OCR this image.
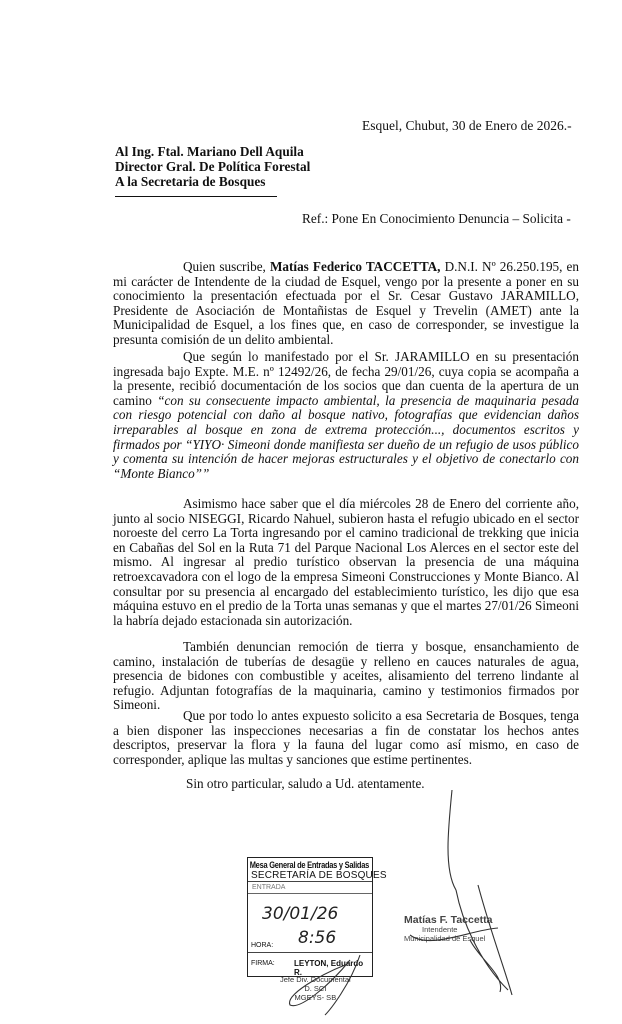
Esquel, Chubut, 30 de Enero de 2026.-
Al Ing. Ftal. Mariano Dell Aquila
Director Gral. De Política Forestal
A la Secretaria de Bosques
Ref.: Pone En Conocimiento Denuncia – Solicita -
Quien suscribe, Matías Federico TACCETTA, D.N.I. Nº 26.250.195, en mi carácter de Intendente de la ciudad de Esquel, vengo por la presente a poner en su conocimiento la presentación efectuada por el Sr. Cesar Gustavo JARAMILLO, Presidente de Asociación de Montañistas de Esquel y Trevelin (AMET) ante la Municipalidad de Esquel, a los fines que, en caso de corresponder, se investigue la presunta comisión de un delito ambiental.
Que según lo manifestado por el Sr. JARAMILLO en su presentación ingresada bajo Expte. M.E. nº 12492/26, de fecha 29/01/26, cuya copia se acompaña a la presente, recibió documentación de los socios que dan cuenta de la apertura de un camino “con su consecuente impacto ambiental, la presencia de maquinaria pesada con riesgo potencial con daño al bosque nativo, fotografías que evidencian daños irreparables al bosque en zona de extrema protección..., documentos escritos y firmados por “YIYO· Simeoni donde manifiesta ser dueño de un refugio de usos público y comenta su intención de hacer mejoras estructurales y el objetivo de conectarlo con “Monte Bianco””
Asimismo hace saber que el día miércoles 28 de Enero del corriente año, junto al socio NISEGGI, Ricardo Nahuel, subieron hasta el refugio ubicado en el sector noroeste del cerro La Torta ingresando por el camino tradicional de trekking que inicia en Cabañas del Sol en la Ruta 71 del Parque Nacional Los Alerces en el sector este del mismo. Al ingresar al predio turístico observan la presencia de una máquina retroexcavadora con el logo de la empresa Simeoni Construcciones y Monte Bianco. Al consultar por su presencia al encargado del establecimiento turístico, les dijo que esa máquina estuvo en el predio de la Torta unas semanas y que el martes 27/01/26 Simeoni la habría dejado estacionada sin autorización.
También denuncian remoción de tierra y bosque, ensanchamiento de camino, instalación de tuberías de desagüe y relleno en cauces naturales de agua, presencia de bidones con combustible y aceites, alisamiento del terreno lindante al refugio. Adjuntan fotografías de la maquinaria, camino y testimonios firmados por Simeoni.
Que por todo lo antes expuesto solicito a esa Secretaria de Bosques, tenga a bien disponer las inspecciones necesarias a fin de constatar los hechos antes descriptos, preservar la flora y la fauna del lugar como así mismo, en caso de corresponder, aplique las multas y sanciones que estime pertinentes.
Sin otro particular, saludo a Ud. atentamente.
Mesa General de Entradas y Salidas
SECRETARÍA DE BOSQUES
ENTRADA
30/01/26
HORA: 8:56
FIRMA: LEYTON, Eduardo R.
Jefe Div. Documental
D. SCI
MGEYS- SB
Matías F. Taccetta
Intendente
Municipalidad de Esquel
